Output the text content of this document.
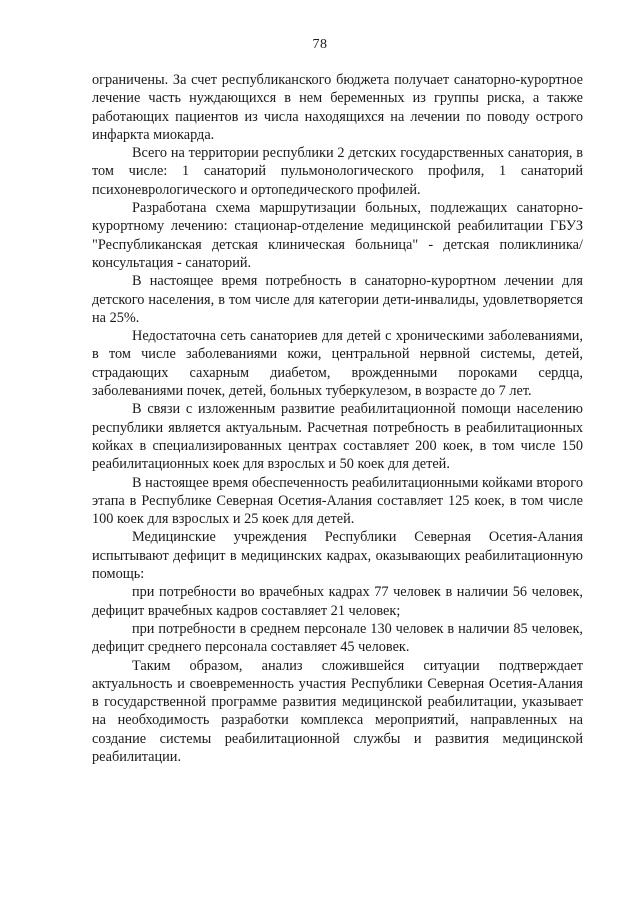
78

ограничены. За счет республиканского бюджета получает санаторно-курортное лечение часть нуждающихся в нем беременных из группы риска, а также работающих пациентов из числа находящихся на лечении по поводу острого инфаркта миокарда.

Всего на территории республики 2 детских государственных санатория, в том числе: 1 санаторий пульмонологического профиля, 1 санаторий психоневрологического и ортопедического профилей.

Разработана схема маршрутизации больных, подлежащих санаторно-курортному лечению: стационар-отделение медицинской реабилитации ГБУЗ "Республиканская детская клиническая больница" - детская поликлиника/консультация - санаторий.

В настоящее время потребность в санаторно-курортном лечении для детского населения, в том числе для категории дети-инвалиды, удовлетворяется на 25%.

Недостаточна сеть санаториев для детей с хроническими заболеваниями, в том числе заболеваниями кожи, центральной нервной системы, детей, страдающих сахарным диабетом, врожденными пороками сердца, заболеваниями почек, детей, больных туберкулезом, в возрасте до 7 лет.

В связи с изложенным развитие реабилитационной помощи населению республики является актуальным. Расчетная потребность в реабилитационных койках в специализированных центрах составляет 200 коек, в том числе 150 реабилитационных коек для взрослых и 50 коек для детей.

В настоящее время обеспеченность реабилитационными койками второго этапа в Республике Северная Осетия-Алания составляет 125 коек, в том числе 100 коек для взрослых и 25 коек для детей.

Медицинские учреждения Республики Северная Осетия-Алания испытывают дефицит в медицинских кадрах, оказывающих реабилитационную помощь:

при потребности во врачебных кадрах 77 человек в наличии 56 человек, дефицит врачебных кадров составляет 21 человек;

при потребности в среднем персонале 130 человек в наличии 85 человек, дефицит среднего персонала составляет 45 человек.

Таким образом, анализ сложившейся ситуации подтверждает актуальность и своевременность участия Республики Северная Осетия-Алания в государственной программе развития медицинской реабилитации, указывает на необходимость разработки комплекса мероприятий, направленных на создание системы реабилитационной службы и развития медицинской реабилитации.
